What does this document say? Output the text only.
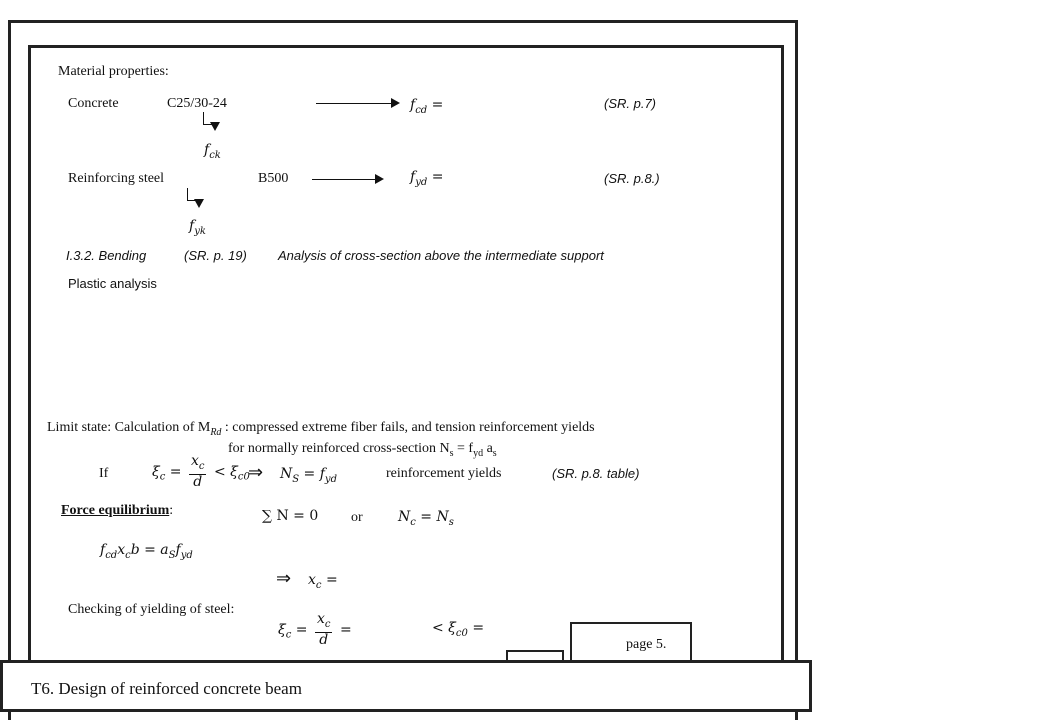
Material properties:
Concrete	C25/30-24
$f_{ck}$
$f_{cd}$ =	(SR. p.7)
Reinforcing steel	B500
$f_{yk}$
$f_{yd}$ =	(SR. p.8.)
I.3.2. Bending	(SR. p. 19) Analysis of cross-section above the intermediate support
Plastic analysis
Limit state: Calculation of $M_{Rd}$ : compressed extreme fiber fails, and tension reinforcement yields
for normally reinforced cross-section $N_s = f_{yd}$ $a_s$
If	$\xi_c = \frac{x_c}{d} < \xi_{c0}$
⇒ $N_S = f_{yd}$	reinforcement yields	(SR. p.8. table)
Force equilibrium:	∑ N = 0 or	$N_c = N_s$
$f_{cd}x_cb = a_Sf_{yd}$
⇒ $x_c$ =
Checking of yielding of steel:
$\xi_c = \frac{x_c}{d}$ =	< $\xi_{c0}$ =
page 5.
T6. Design of reinforced concrete beam
